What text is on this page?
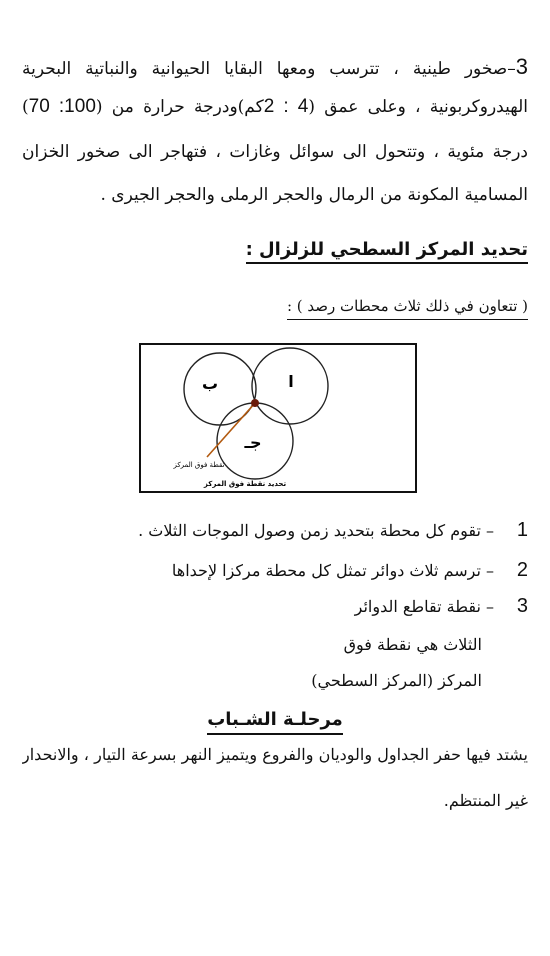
3–صخور طينية ، تترسب ومعها البقايا الحيوانية والنباتية البحرية
الهيدروكربونية ، وعلى عمق (2 : 4كم)ودرجة حرارة من (70 :100)
درجة مئوية ، وتتحول الى سوائل وغازات ، فتهاجر الى صخور الخزان
المسامية المكونة من الرمال والحجر الرملى والحجر الجيرى .
تحديد المركز السطحي للزلزال :
( تتعاون في ذلك ثلاث محطات رصد ) :
ا
ب
جـ
نقطة فوق المركز
تحديد نقطة فوق المركز
1– تقوم كل محطة بتحديد زمن وصول الموجات الثلاث .
2– ترسم ثلاث دوائر تمثل كل محطة مركزا لإحداها
3– نقطة تقاطع الدوائر
الثلاث هي نقطة فوق
المركز (المركز السطحي)
مرحلـة الشـباب
يشتد فيها حفر الجداول والوديان والفروع ويتميز النهر بسرعة التيار ، والانحدار
غير المنتظم.
